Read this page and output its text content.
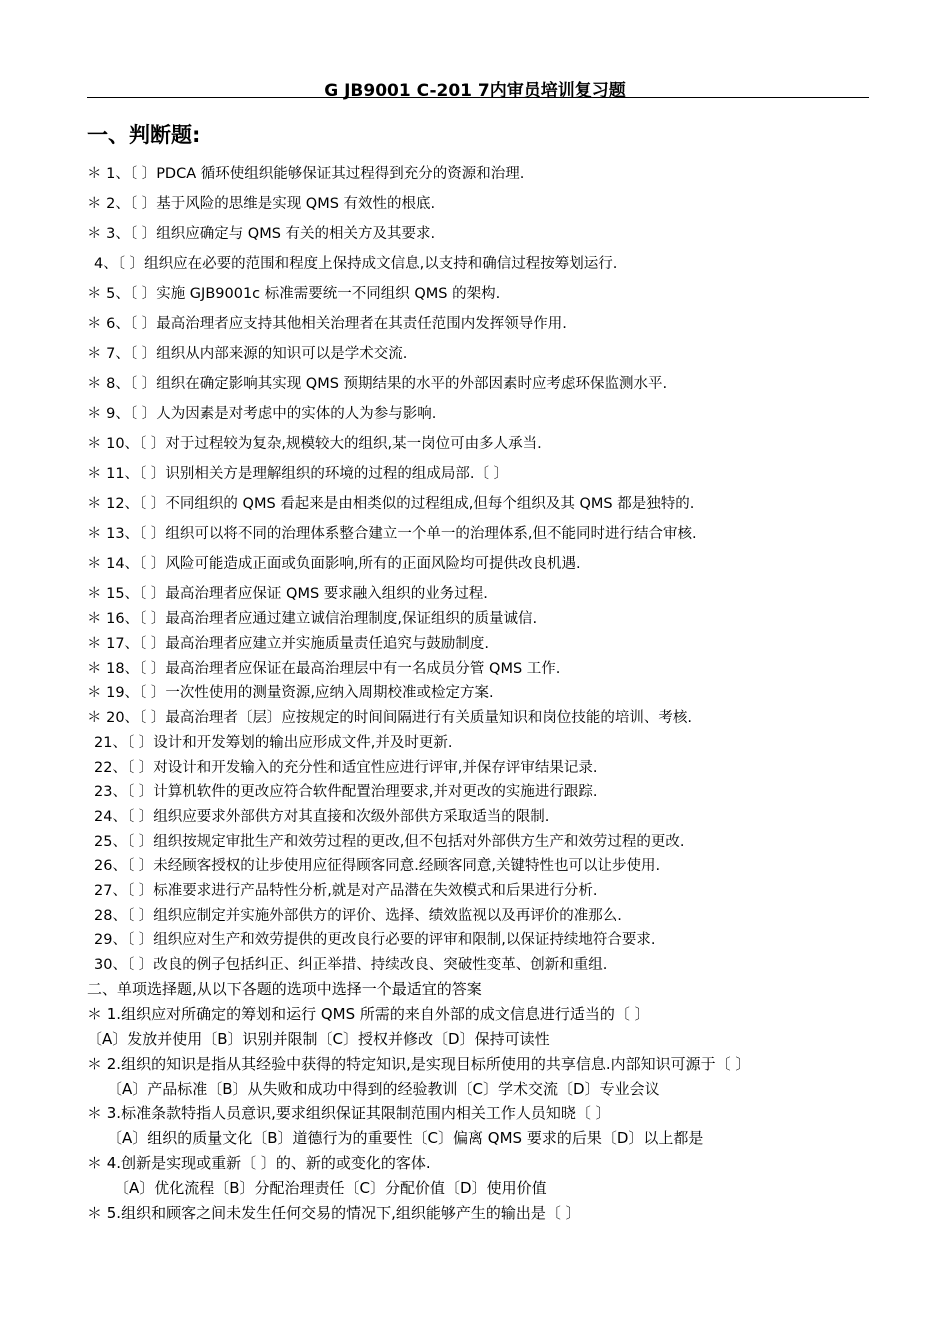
G JB9001 C-201 7内审员培训复习题
一、判断题:
＊ 1、〔 〕PDCA 循环使组织能够保证其过程得到充分的资源和治理.
＊ 2、〔 〕基于风险的思维是实现 QMS 有效性的根底.
＊ 3、〔 〕组织应确定与 QMS 有关的相关方及其要求.
4、〔 〕组织应在必要的范围和程度上保持成文信息,以支持和确信过程按筹划运行.
＊ 5、〔 〕实施 GJB9001c 标准需要统一不同组织 QMS 的架构.
＊ 6、〔 〕最高治理者应支持其他相关治理者在其责任范围内发挥领导作用.
＊ 7、〔 〕组织从内部来源的知识可以是学术交流.
＊ 8、〔 〕组织在确定影响其实现 QMS 预期结果的水平的外部因素时应考虑环保监测水平.
＊ 9、〔 〕人为因素是对考虑中的实体的人为参与影响.
＊ 10、〔 〕对于过程较为复杂,规模较大的组织,某一岗位可由多人承当.
＊ 11、〔 〕识别相关方是理解组织的环境的过程的组成局部.〔 〕
＊ 12、〔 〕不同组织的 QMS 看起来是由相类似的过程组成,但每个组织及其 QMS 都是独特的.
＊ 13、〔 〕组织可以将不同的治理体系整合建立一个单一的治理体系,但不能同时进行结合审核.
＊ 14、〔 〕风险可能造成正面或负面影响,所有的正面风险均可提供改良机遇.
＊ 15、〔 〕最高治理者应保证 QMS 要求融入组织的业务过程.
＊ 16、〔 〕最高治理者应通过建立诚信治理制度,保证组织的质量诚信.
＊ 17、〔 〕最高治理者应建立并实施质量责任追究与鼓励制度.
＊ 18、〔 〕最高治理者应保证在最高治理层中有一名成员分管 QMS 工作.
＊ 19、〔 〕一次性使用的测量资源,应纳入周期校准或检定方案.
＊ 20、〔 〕最高治理者〔层〕应按规定的时间间隔进行有关质量知识和岗位技能的培训、考核.
21、〔 〕设计和开发筹划的输出应形成文件,并及时更新.
22、〔 〕对设计和开发输入的充分性和适宜性应进行评审,并保存评审结果记录.
23、〔 〕计算机软件的更改应符合软件配置治理要求,并对更改的实施进行跟踪.
24、〔 〕组织应要求外部供方对其直接和次级外部供方采取适当的限制.
25、〔 〕组织按规定审批生产和效劳过程的更改,但不包括对外部供方生产和效劳过程的更改.
26、〔 〕未经顾客授权的让步使用应征得顾客同意.经顾客同意,关键特性也可以让步使用.
27、〔 〕标准要求进行产品特性分析,就是对产品潜在失效模式和后果进行分析.
28、〔 〕组织应制定并实施外部供方的评价、选择、绩效监视以及再评价的准那么.
29、〔 〕组织应对生产和效劳提供的更改良行必要的评审和限制,以保证持续地符合要求.
30、〔 〕改良的例子包括纠正、纠正举措、持续改良、突破性变革、创新和重组.
二、单项选择题,从以下各题的选项中选择一个最适宜的答案
＊ 1.组织应对所确定的筹划和运行 QMS 所需的来自外部的成文信息进行适当的〔 〕
〔A〕发放并使用〔B〕识别并限制〔C〕授权并修改〔D〕保持可读性
＊ 2.组织的知识是指从其经验中获得的特定知识,是实现目标所使用的共享信息.内部知识可源于〔 〕
〔A〕产品标准〔B〕从失败和成功中得到的经验教训〔C〕学术交流〔D〕专业会议
＊ 3.标准条款特指人员意识,要求组织保证其限制范围内相关工作人员知晓〔 〕
〔A〕组织的质量文化〔B〕道德行为的重要性〔C〕偏离 QMS 要求的后果〔D〕以上都是
＊ 4.创新是实现或重新〔 〕的、新的或变化的客体.
〔A〕优化流程〔B〕分配治理责任〔C〕分配价值〔D〕使用价值
＊ 5.组织和顾客之间未发生任何交易的情况下,组织能够产生的输出是〔 〕
